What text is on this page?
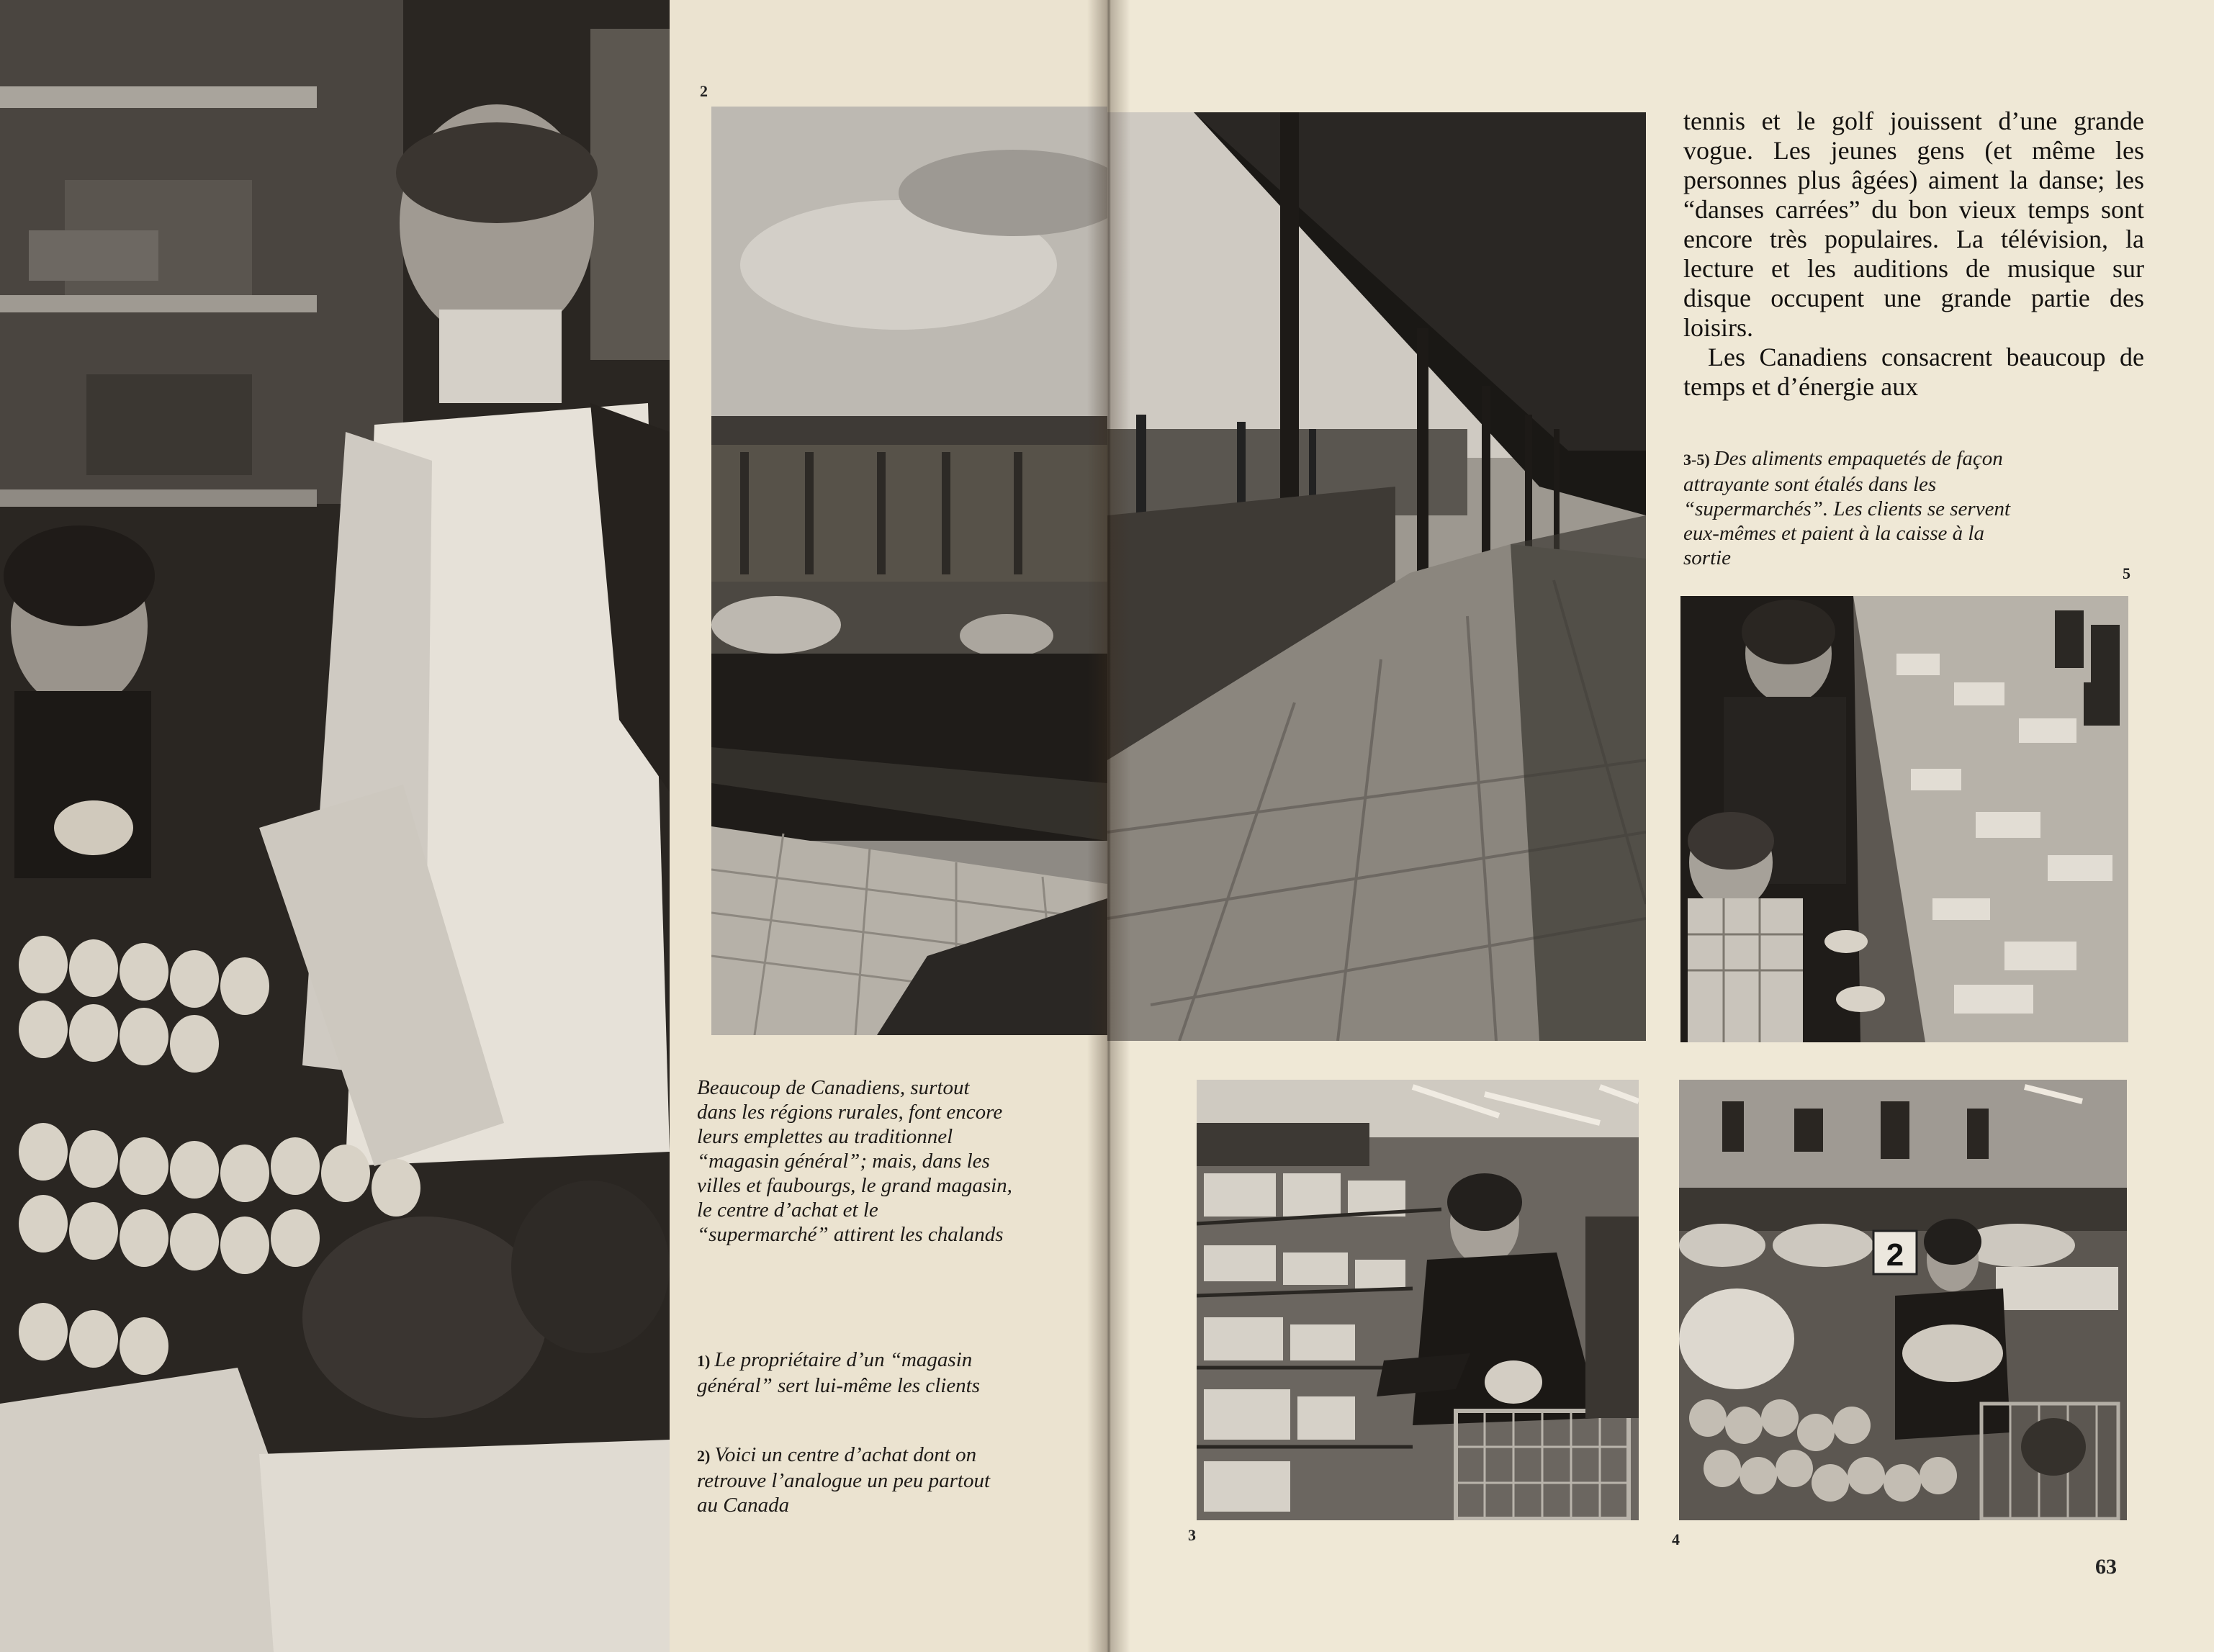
2

Beaucoup de Canadiens, surtout dans les régions rurales, font encore leurs emplettes au traditionnel “magasin général”; mais, dans les villes et faubourgs, le grand magasin, le centre d’achat et le “supermarché” attirent les chalands

1) Le propriétaire d’un “magasin général” sert lui-même les clients

2) Voici un centre d’achat dont on retrouve l’analogue un peu partout au Canada

tennis et le golf jouissent d’une grande vogue. Les jeunes gens (et même les personnes plus âgées) aiment la danse; les “danses carrées” du bon vieux temps sont encore très populaires. La télévision, la lecture et les auditions de musique sur disque occupent une grande partie des loisirs.

Les Canadiens consacrent beaucoup de temps et d’énergie aux

3-5) Des aliments empaquetés de façon attrayante sont étalés dans les “supermarchés”. Les clients se servent eux-mêmes et paient à la caisse à la sortie

5
2
3	4
63
